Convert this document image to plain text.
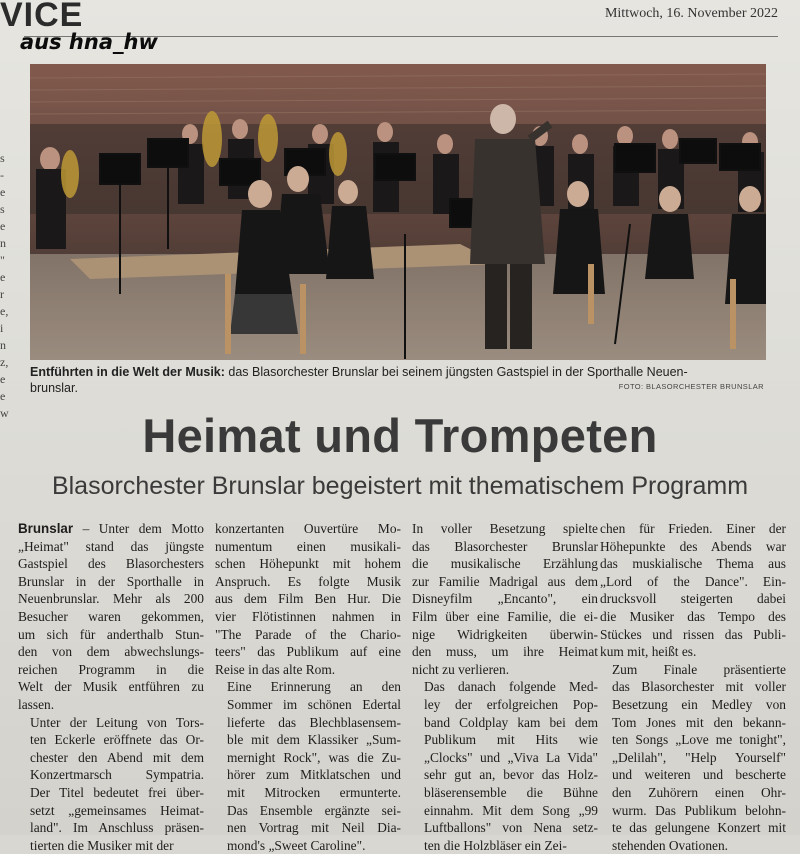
VICE	Mittwoch, 16. November 2022
aus hna_hw
s
-
e
s
e
n
"
e
r
e,
i
n
z,
e
e
w
Entführten in die Welt der Musik: das Blasorchester Brunslar bei seinem jüngsten Gastspiel in der Sporthalle Neuen-
brunslar.	FOTO: BLASORCHESTER BRUNSLAR
Heimat und Trompeten
Blasorchester Brunslar begeistert mit thematischem Programm

Brunslar – Unter dem Motto
„Heimat" stand das jüngste
Gastspiel des Blasorchesters
Brunslar in der Sporthalle in
Neuenbrunslar. Mehr als 200
Besucher waren gekommen,
um sich für anderthalb Stun-
den von dem abwechslungs-
reichen Programm in die
Welt der Musik entführen zu
lassen.

Unter der Leitung von Tors-
ten Eckerle eröffnete das Or-
chester den Abend mit dem
Konzertmarsch Sympatria.
Der Titel bedeutet frei über-
setzt „gemeinsames Heimat-
land". Im Anschluss präsen-
tierten die Musiker mit der

konzertanten Ouvertüre Mo-
numentum einen musikali-
schen Höhepunkt mit hohem
Anspruch. Es folgte Musik
aus dem Film Ben Hur. Die
vier Flötistinnen nahmen in
"The Parade of the Chario-
teers" das Publikum auf eine
Reise in das alte Rom.

Eine Erinnerung an den
Sommer im schönen Edertal
lieferte das Blechblasensem-
ble mit dem Klassiker „Sum-
mernight Rock", was die Zu-
hörer zum Mitklatschen und
mit Mitrocken ermunterte.
Das Ensemble ergänzte sei-
nen Vortrag mit Neil Dia-
mond's „Sweet Caroline".

In voller Besetzung spielte
das Blasorchester Brunslar
die musikalische Erzählung
zur Familie Madrigal aus dem
Disneyfilm „Encanto", ein
Film über eine Familie, die ei-
nige Widrigkeiten überwin-
den muss, um ihre Heimat
nicht zu verlieren.

Das danach folgende Med-
ley der erfolgreichen Pop-
band Coldplay kam bei dem
Publikum mit Hits wie
„Clocks" und „Viva La Vida"
sehr gut an, bevor das Holz-
bläserensemble die Bühne
einnahm. Mit dem Song „99
Luftballons" von Nena setz-
ten die Holzbläser ein Zei-

chen für Frieden. Einer der
Höhepunkte des Abends war
das muskialische Thema aus
„Lord of the Dance". Ein-
drucksvoll steigerten dabei
die Musiker das Tempo des
Stückes und rissen das Publi-
kum mit, heißt es.

Zum Finale präsentierte
das Blasorchester mit voller
Besetzung ein Medley von
Tom Jones mit den bekann-
ten Songs „Love me tonight",
„Delilah", "Help Yourself"
und weiteren und bescherte
den Zuhörern einen Ohr-
wurm. Das Publikum belohn-
te das gelungene Konzert mit
stehenden Ovationen.
